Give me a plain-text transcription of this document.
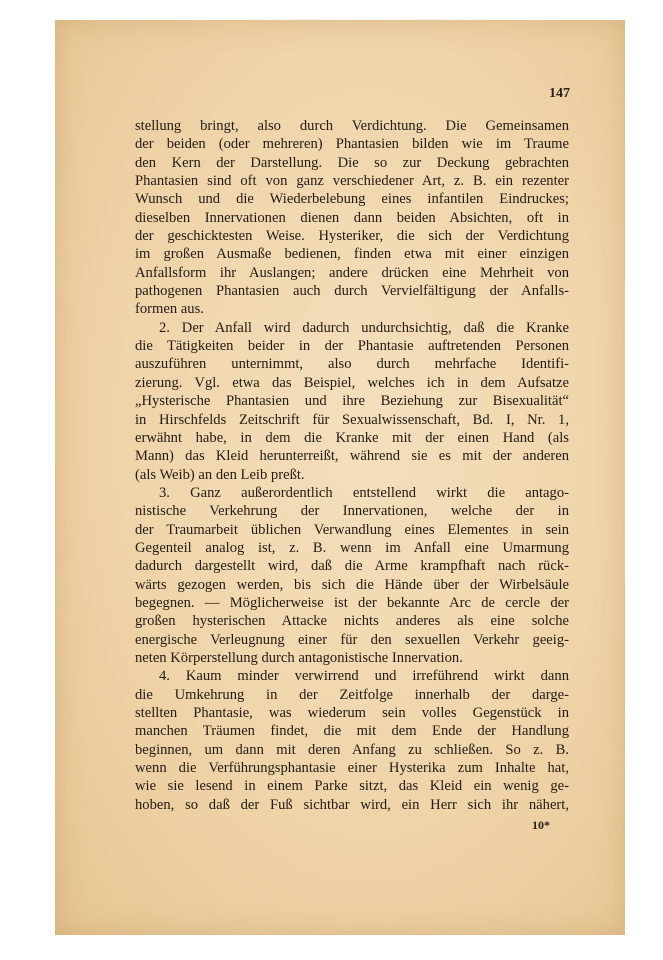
147
stellung bringt, also durch Verdichtung. Die Gemeinsamen
der beiden (oder mehreren) Phantasien bilden wie im Traume
den Kern der Darstellung. Die so zur Deckung gebrachten
Phantasien sind oft von ganz verschiedener Art, z. B. ein rezenter
Wunsch und die Wiederbelebung eines infantilen Eindruckes;
dieselben Innervationen dienen dann beiden Absichten, oft in
der geschicktesten Weise. Hysteriker, die sich der Verdichtung
im großen Ausmaße bedienen, finden etwa mit einer einzigen
Anfallsform ihr Auslangen; andere drücken eine Mehrheit von
pathogenen Phantasien auch durch Vervielfältigung der Anfalls-
formen aus.
2. Der Anfall wird dadurch undurchsichtig, daß die Kranke
die Tätigkeiten beider in der Phantasie auftretenden Personen
auszuführen unternimmt, also durch mehrfache Identifi-
zierung. Vgl. etwa das Beispiel, welches ich in dem Aufsatze
„Hysterische Phantasien und ihre Beziehung zur Bisexualität“
in Hirschfelds Zeitschrift für Sexualwissenschaft, Bd. I, Nr. 1,
erwähnt habe, in dem die Kranke mit der einen Hand (als
Mann) das Kleid herunterreißt, während sie es mit der anderen
(als Weib) an den Leib preßt.
3. Ganz außerordentlich entstellend wirkt die antago-
nistische Verkehrung der Innervationen, welche der in
der Traumarbeit üblichen Verwandlung eines Elementes in sein
Gegenteil analog ist, z. B. wenn im Anfall eine Umarmung
dadurch dargestellt wird, daß die Arme krampfhaft nach rück-
wärts gezogen werden, bis sich die Hände über der Wirbelsäule
begegnen. — Möglicherweise ist der bekannte Arc de cercle der
großen hysterischen Attacke nichts anderes als eine solche
energische Verleugnung einer für den sexuellen Verkehr geeig-
neten Körperstellung durch antagonistische Innervation.
4. Kaum minder verwirrend und irreführend wirkt dann
die Umkehrung in der Zeitfolge innerhalb der darge-
stellten Phantasie, was wiederum sein volles Gegenstück in
manchen Träumen findet, die mit dem Ende der Handlung
beginnen, um dann mit deren Anfang zu schließen. So z. B.
wenn die Verführungsphantasie einer Hysterika zum Inhalte hat,
wie sie lesend in einem Parke sitzt, das Kleid ein wenig ge-
hoben, so daß der Fuß sichtbar wird, ein Herr sich ihr nähert,
10*
